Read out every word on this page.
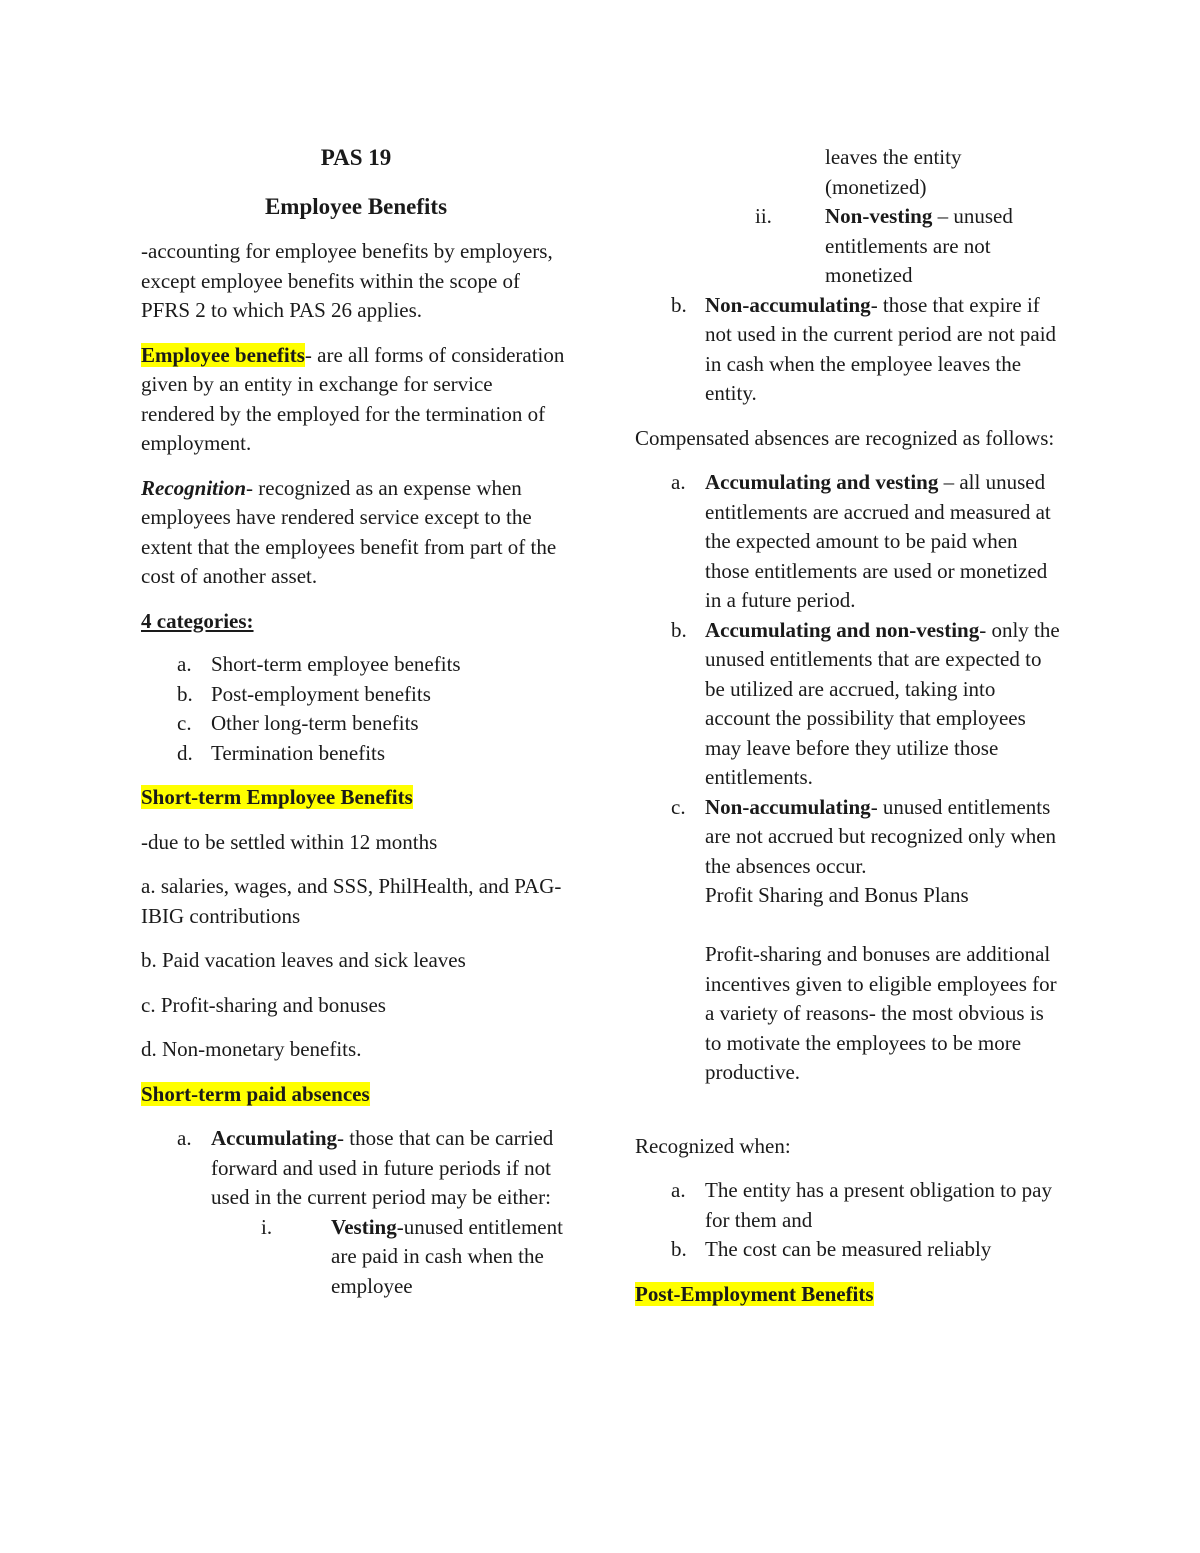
PAS 19

Employee Benefits

-accounting for employee benefits by employers, except employee benefits within the scope of PFRS 2 to which PAS 26 applies.

Employee benefits- are all forms of consideration given by an entity in exchange for service rendered by the employed for the termination of employment.

Recognition- recognized as an expense when employees have rendered service except to the extent that the employees benefit from part of the cost of another asset.

4 categories:

a. Short-term employee benefits
b. Post-employment benefits
c. Other long-term benefits
d. Termination benefits

Short-term Employee Benefits

-due to be settled within 12 months

a. salaries, wages, and SSS, PhilHealth, and PAG-IBIG contributions

b. Paid vacation leaves and sick leaves

c. Profit-sharing and bonuses

d. Non-monetary benefits.

Short-term paid absences

a. Accumulating- those that can be carried forward and used in future periods if not used in the current period may be either:
i.	Vesting-unused entitlement are paid in cash when the employee
leaves the entity (monetized)
ii.	Non-vesting – unused entitlements are not monetized
b. Non-accumulating- those that expire if not used in the current period are not paid in cash when the employee leaves the entity.

Compensated absences are recognized as follows:

a. Accumulating and vesting – all unused entitlements are accrued and measured at the expected amount to be paid when those entitlements are used or monetized in a future period.
b. Accumulating and non-vesting- only the unused entitlements that are expected to be utilized are accrued, taking into account the possibility that employees may leave before they utilize those entitlements.
c. Non-accumulating- unused entitlements are not accrued but recognized only when the absences occur.

Profit Sharing and Bonus Plans

Profit-sharing and bonuses are additional incentives given to eligible employees for a variety of reasons- the most obvious is to motivate the employees to be more productive.

Recognized when:

a. The entity has a present obligation to pay for them and
b. The cost can be measured reliably

Post-Employment Benefits
